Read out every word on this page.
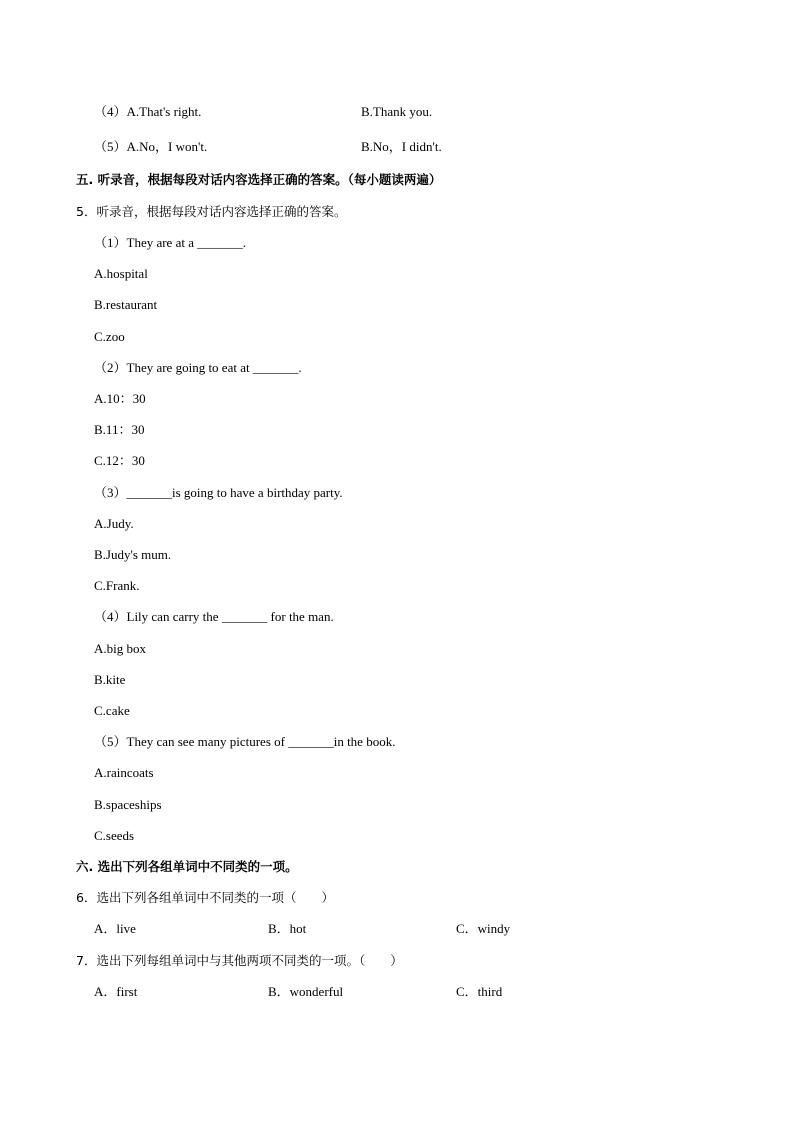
（4）A.That's right.	B.Thank you.
（5）A.No，I won't.	B.No，I didn't.
五. 听录音，根据每段对话内容选择正确的答案。（每小题读两遍）
5．听录音，根据每段对话内容选择正确的答案。
（1）They are at a _______.
A.hospital
B.restaurant
C.zoo
（2）They are going to eat at _______.
A.10：30
B.11：30
C.12：30
（3）_______is going to have a birthday party.
A.Judy.
B.Judy's mum.
C.Frank.
（4）Lily can carry the _______ for the man.
A.big box
B.kite
C.cake
（5）They can see many pictures of _______in the book.
A.raincoats
B.spaceships
C.seeds
六. 选出下列各组单词中不同类的一项。
6．选出下列各组单词中不同类的一项（　　）
A．live	B．hot	C．windy
7．选出下列每组单词中与其他两项不同类的一项。（　　）
A．first	B．wonderful	C．third
